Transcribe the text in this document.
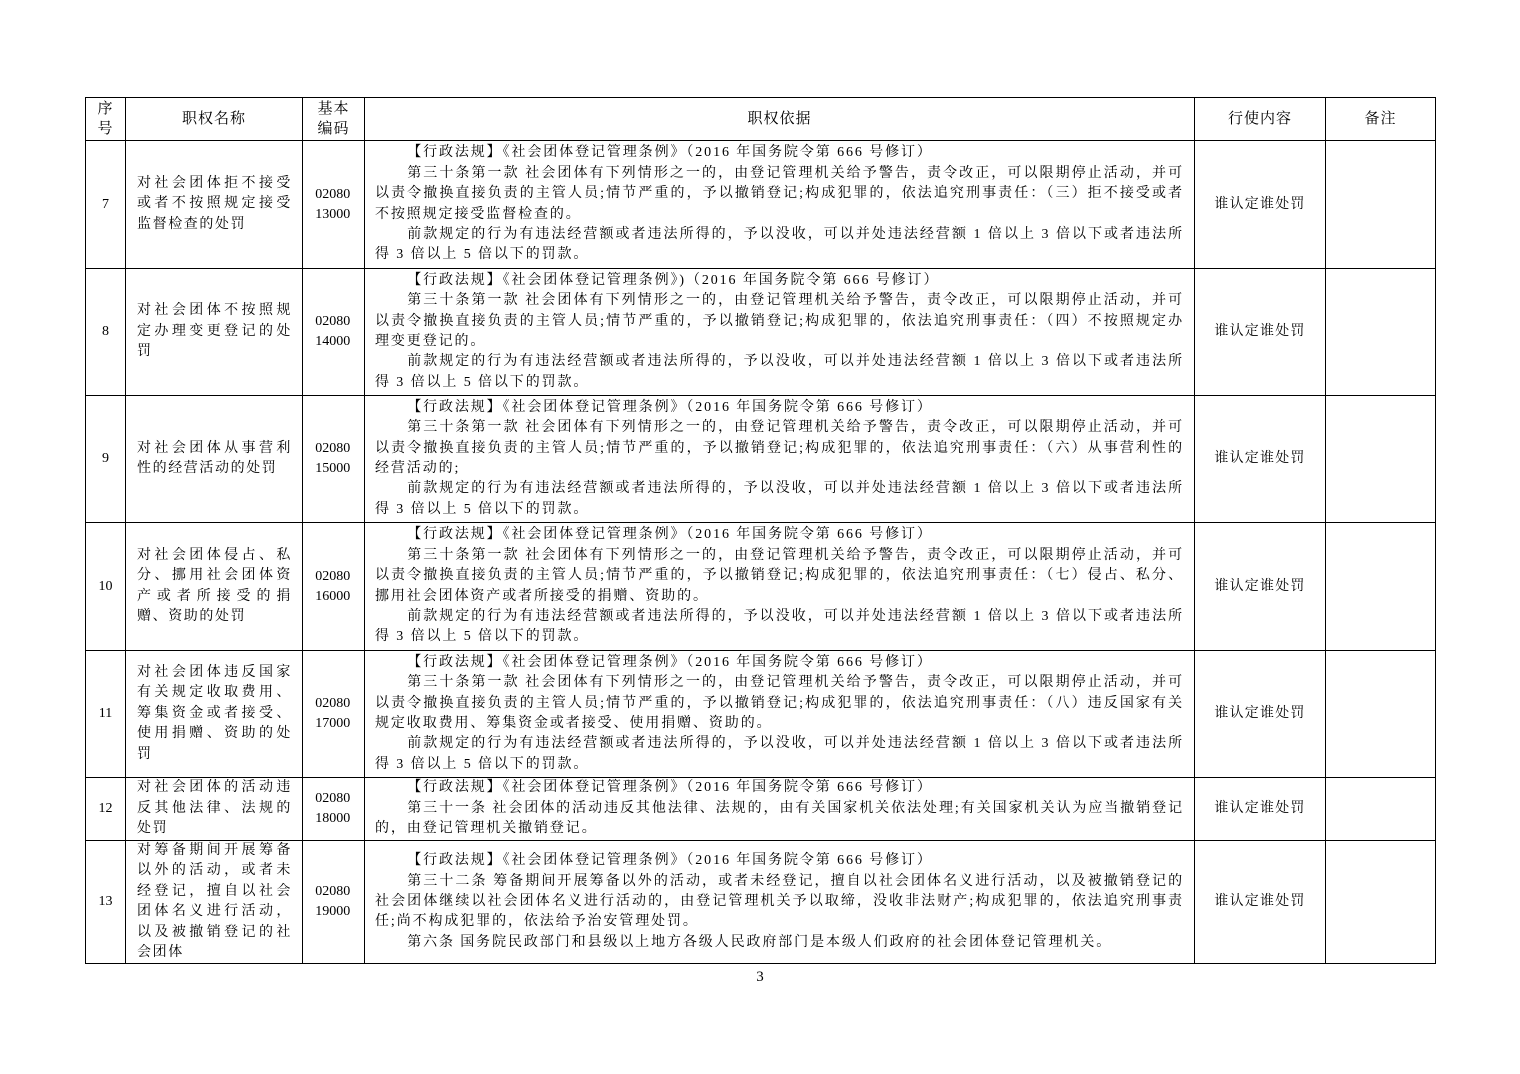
序号	职权名称	基本编码	职权依据	行使内容	备注
7	对社会团体拒不接受或者不按照规定接受监督检查的处罚	0208013000	【行政法规】《社会团体登记管理条例》（2016 年国务院令第 666 号修订）

第三十条第一款 社会团体有下列情形之一的，由登记管理机关给予警告，责令改正，可以限期停止活动，并可以责令撤换直接负责的主管人员;情节严重的，予以撤销登记;构成犯罪的，依法追究刑事责任：（三）拒不接受或者不按照规定接受监督检查的。

前款规定的行为有违法经营额或者违法所得的，予以没收，可以并处违法经营额 1 倍以上 3 倍以下或者违法所得 3 倍以上 5 倍以下的罚款。	谁认定谁处罚	
8	对社会团体不按照规定办理变更登记的处罚	0208014000	【行政法规】《社会团体登记管理条例》)（2016 年国务院令第 666 号修订）

第三十条第一款 社会团体有下列情形之一的，由登记管理机关给予警告，责令改正，可以限期停止活动，并可以责令撤换直接负责的主管人员;情节严重的，予以撤销登记;构成犯罪的，依法追究刑事责任：（四）不按照规定办理变更登记的。

前款规定的行为有违法经营额或者违法所得的，予以没收，可以并处违法经营额 1 倍以上 3 倍以下或者违法所得 3 倍以上 5 倍以下的罚款。	谁认定谁处罚	
9	对社会团体从事营利性的经营活动的处罚	0208015000	【行政法规】《社会团体登记管理条例》（2016 年国务院令第 666 号修订）

第三十条第一款 社会团体有下列情形之一的，由登记管理机关给予警告，责令改正，可以限期停止活动，并可以责令撤换直接负责的主管人员;情节严重的，予以撤销登记;构成犯罪的，依法追究刑事责任：（六）从事营利性的经营活动的;

前款规定的行为有违法经营额或者违法所得的，予以没收，可以并处违法经营额 1 倍以上 3 倍以下或者违法所得 3 倍以上 5 倍以下的罚款。	谁认定谁处罚	
10	对社会团体侵占、私分、挪用社会团体资产或者所接受的捐赠、资助的处罚	0208016000	【行政法规】《社会团体登记管理条例》（2016 年国务院令第 666 号修订）

第三十条第一款 社会团体有下列情形之一的，由登记管理机关给予警告，责令改正，可以限期停止活动，并可以责令撤换直接负责的主管人员;情节严重的，予以撤销登记;构成犯罪的，依法追究刑事责任：（七）侵占、私分、挪用社会团体资产或者所接受的捐赠、资助的。

前款规定的行为有违法经营额或者违法所得的，予以没收，可以并处违法经营额 1 倍以上 3 倍以下或者违法所得 3 倍以上 5 倍以下的罚款。	谁认定谁处罚	
11	对社会团体违反国家有关规定收取费用、筹集资金或者接受、使用捐赠、资助的处罚	0208017000	【行政法规】《社会团体登记管理条例》（2016 年国务院令第 666 号修订）

第三十条第一款 社会团体有下列情形之一的，由登记管理机关给予警告，责令改正，可以限期停止活动，并可以责令撤换直接负责的主管人员;情节严重的，予以撤销登记;构成犯罪的，依法追究刑事责任：（八）违反国家有关规定收取费用、筹集资金或者接受、使用捐赠、资助的。

前款规定的行为有违法经营额或者违法所得的，予以没收，可以并处违法经营额 1 倍以上 3 倍以下或者违法所得 3 倍以上 5 倍以下的罚款。	谁认定谁处罚	
12	对社会团体的活动违反其他法律、法规的处罚	0208018000	【行政法规】《社会团体登记管理条例》（2016 年国务院令第 666 号修订）

第三十一条 社会团体的活动违反其他法律、法规的，由有关国家机关依法处理;有关国家机关认为应当撤销登记的，由登记管理机关撤销登记。	谁认定谁处罚	
13	对筹备期间开展筹备以外的活动，或者未经登记，擅自以社会团体名义进行活动，以及被撤销登记的社会团体	0208019000	【行政法规】《社会团体登记管理条例》（2016 年国务院令第 666 号修订）

第三十二条 筹备期间开展筹备以外的活动，或者未经登记，擅自以社会团体名义进行活动，以及被撤销登记的社会团体继续以社会团体名义进行活动的，由登记管理机关予以取缔，没收非法财产;构成犯罪的，依法追究刑事责任;尚不构成犯罪的，依法给予治安管理处罚。

第六条 国务院民政部门和县级以上地方各级人民政府部门是本级人们政府的社会团体登记管理机关。	谁认定谁处罚	
3
